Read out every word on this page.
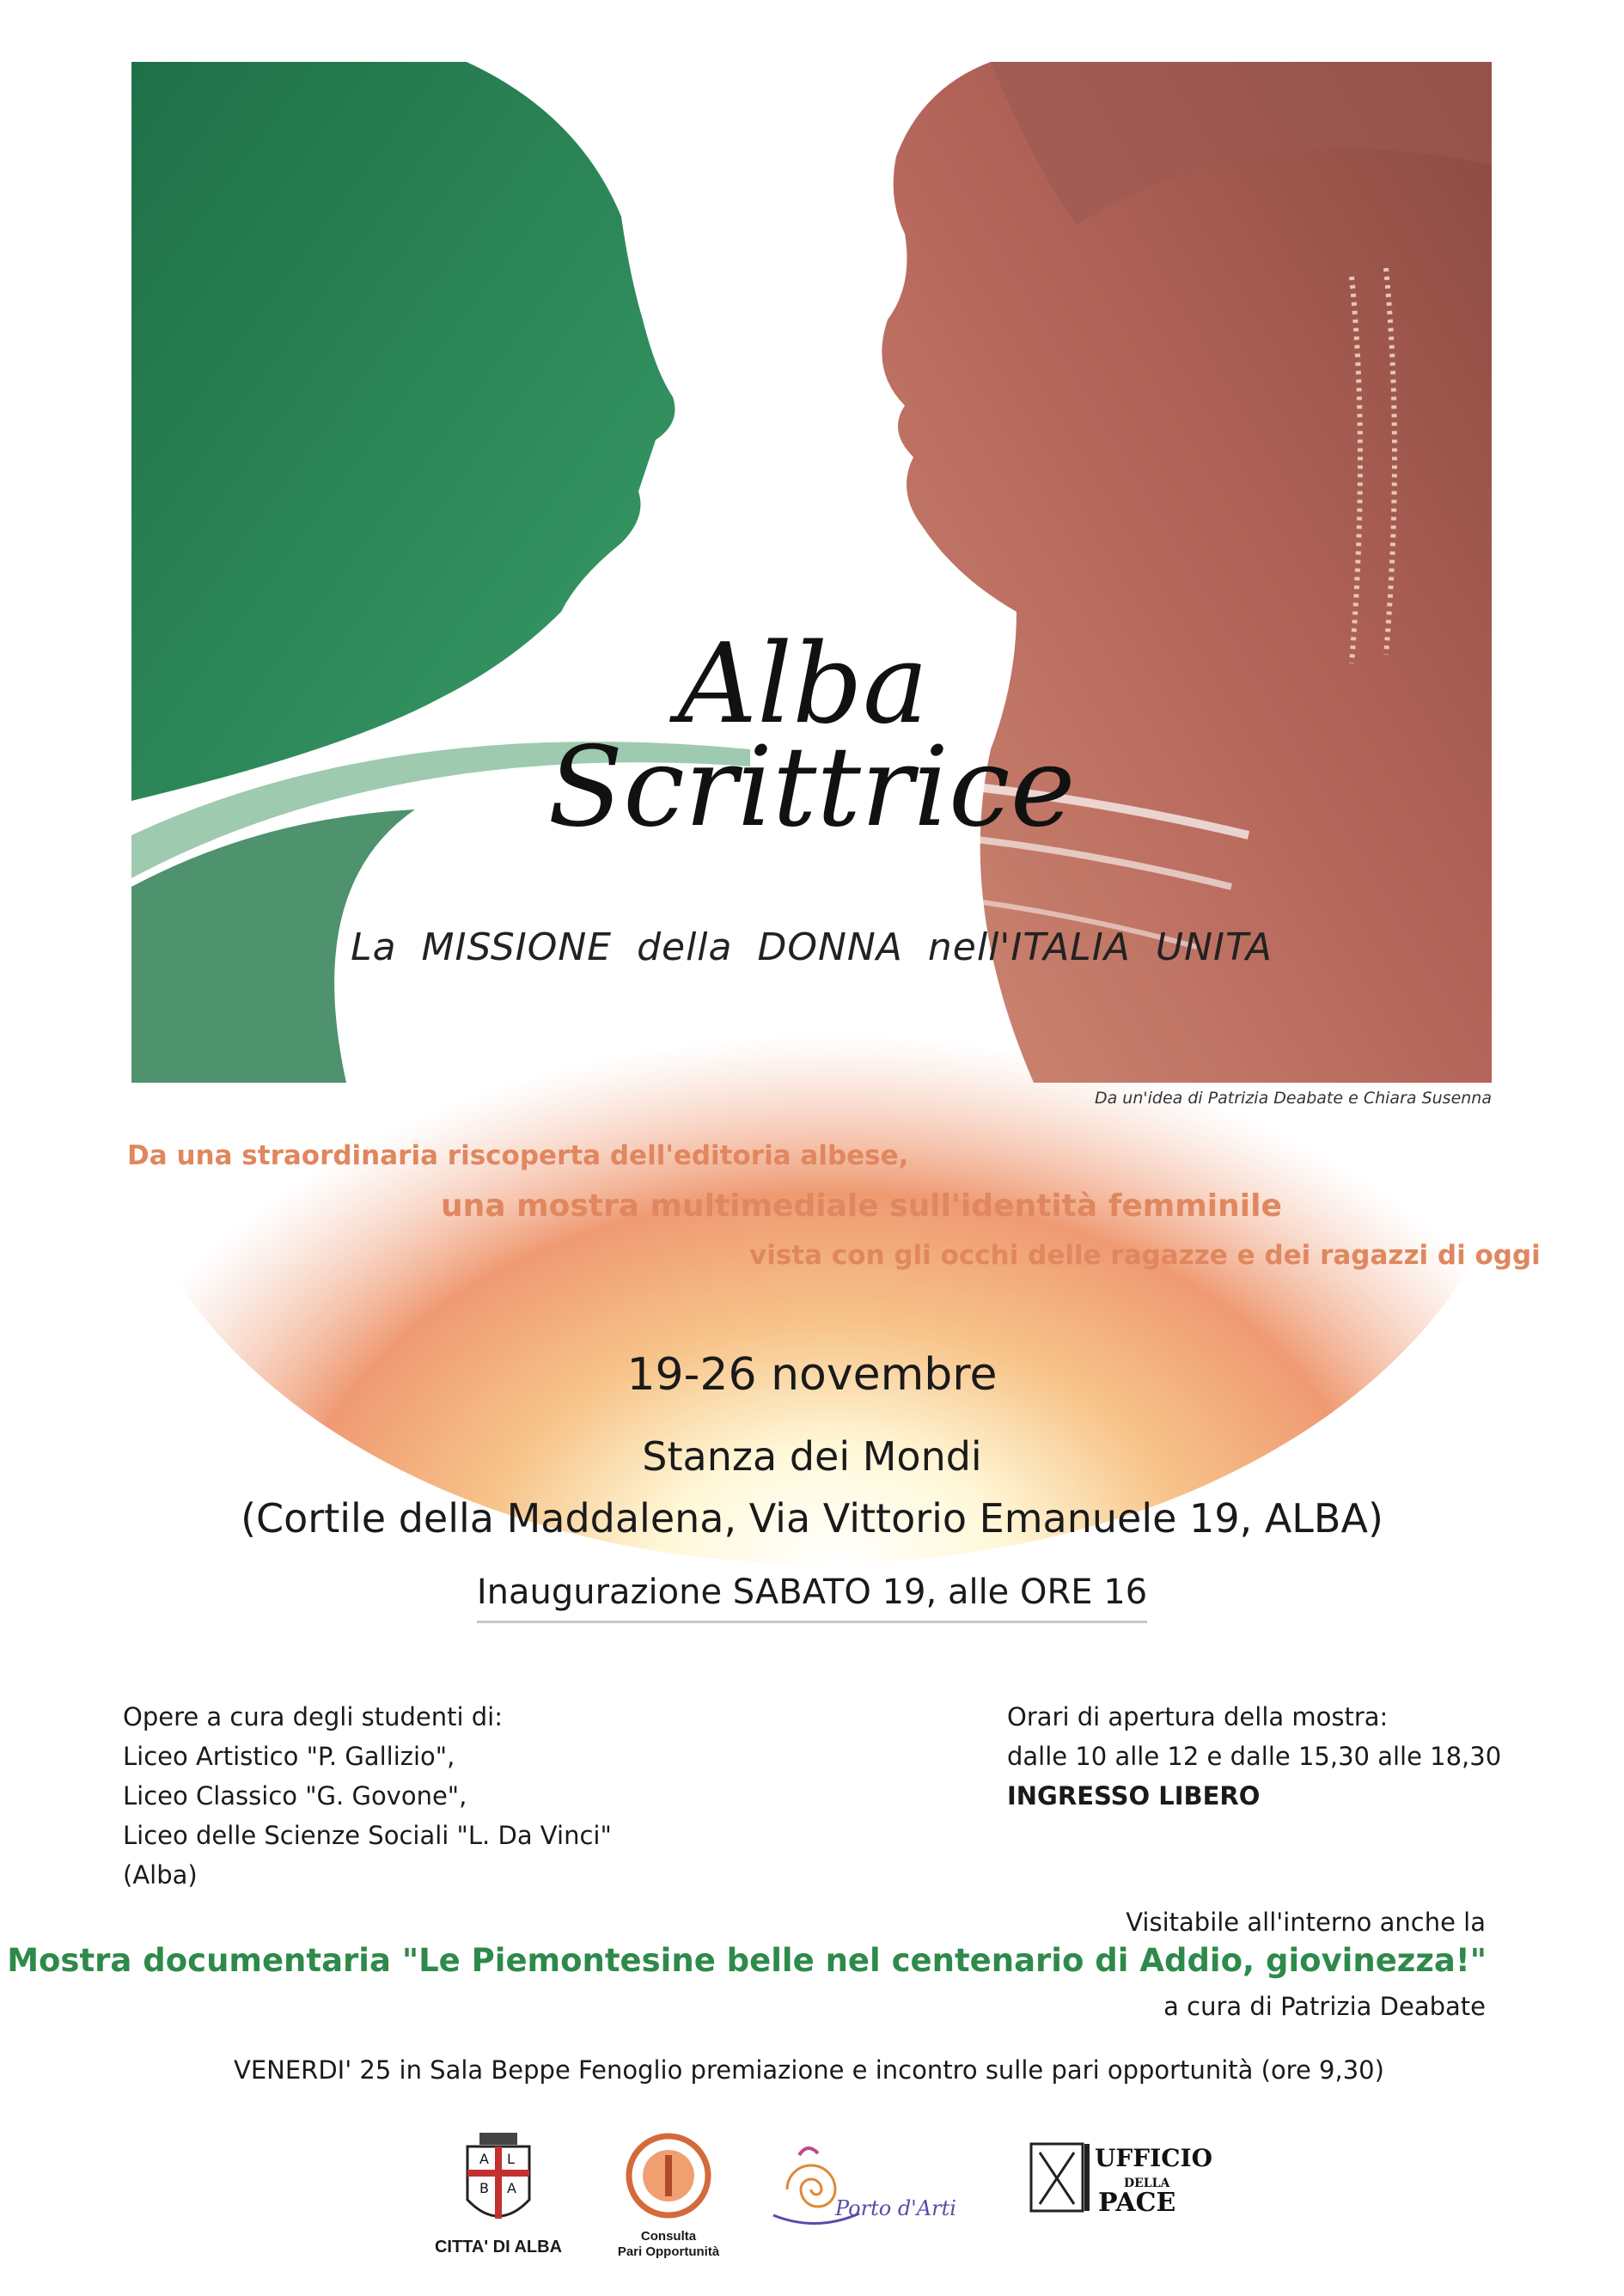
Alba
Scrittrice
La MISSIONE della DONNA nell'ITALIA UNITA
Da un'idea di Patrizia Deabate e Chiara Susenna
Da una straordinaria riscoperta dell'editoria albese,
una mostra multimediale sull'identità femminile
vista con gli occhi delle ragazze e dei ragazzi di oggi
19-26 novembre
Stanza dei Mondi
(Cortile della Maddalena, Via Vittorio Emanuele 19, ALBA)
Inaugurazione SABATO 19, alle ORE 16
Opere a cura degli studenti di:
Liceo Artistico "P. Gallizio",
Liceo Classico "G. Govone",
Liceo delle Scienze Sociali "L. Da Vinci"
(Alba)
Orari di apertura della mostra:
dalle 10 alle 12 e dalle 15,30 alle 18,30
INGRESSO LIBERO
Visitabile all'interno anche la
Mostra documentaria "Le Piemontesine belle nel centenario di Addio, giovinezza!"
a cura di Patrizia Deabate
VENERDI' 25 in Sala Beppe Fenoglio premiazione e incontro sulle pari opportunità (ore 9,30)
A L
B A
CITTA' DI ALBA
Consulta
Pari Opportunità
Porto d'Arti
UFFICIO
DELLA
PACE
